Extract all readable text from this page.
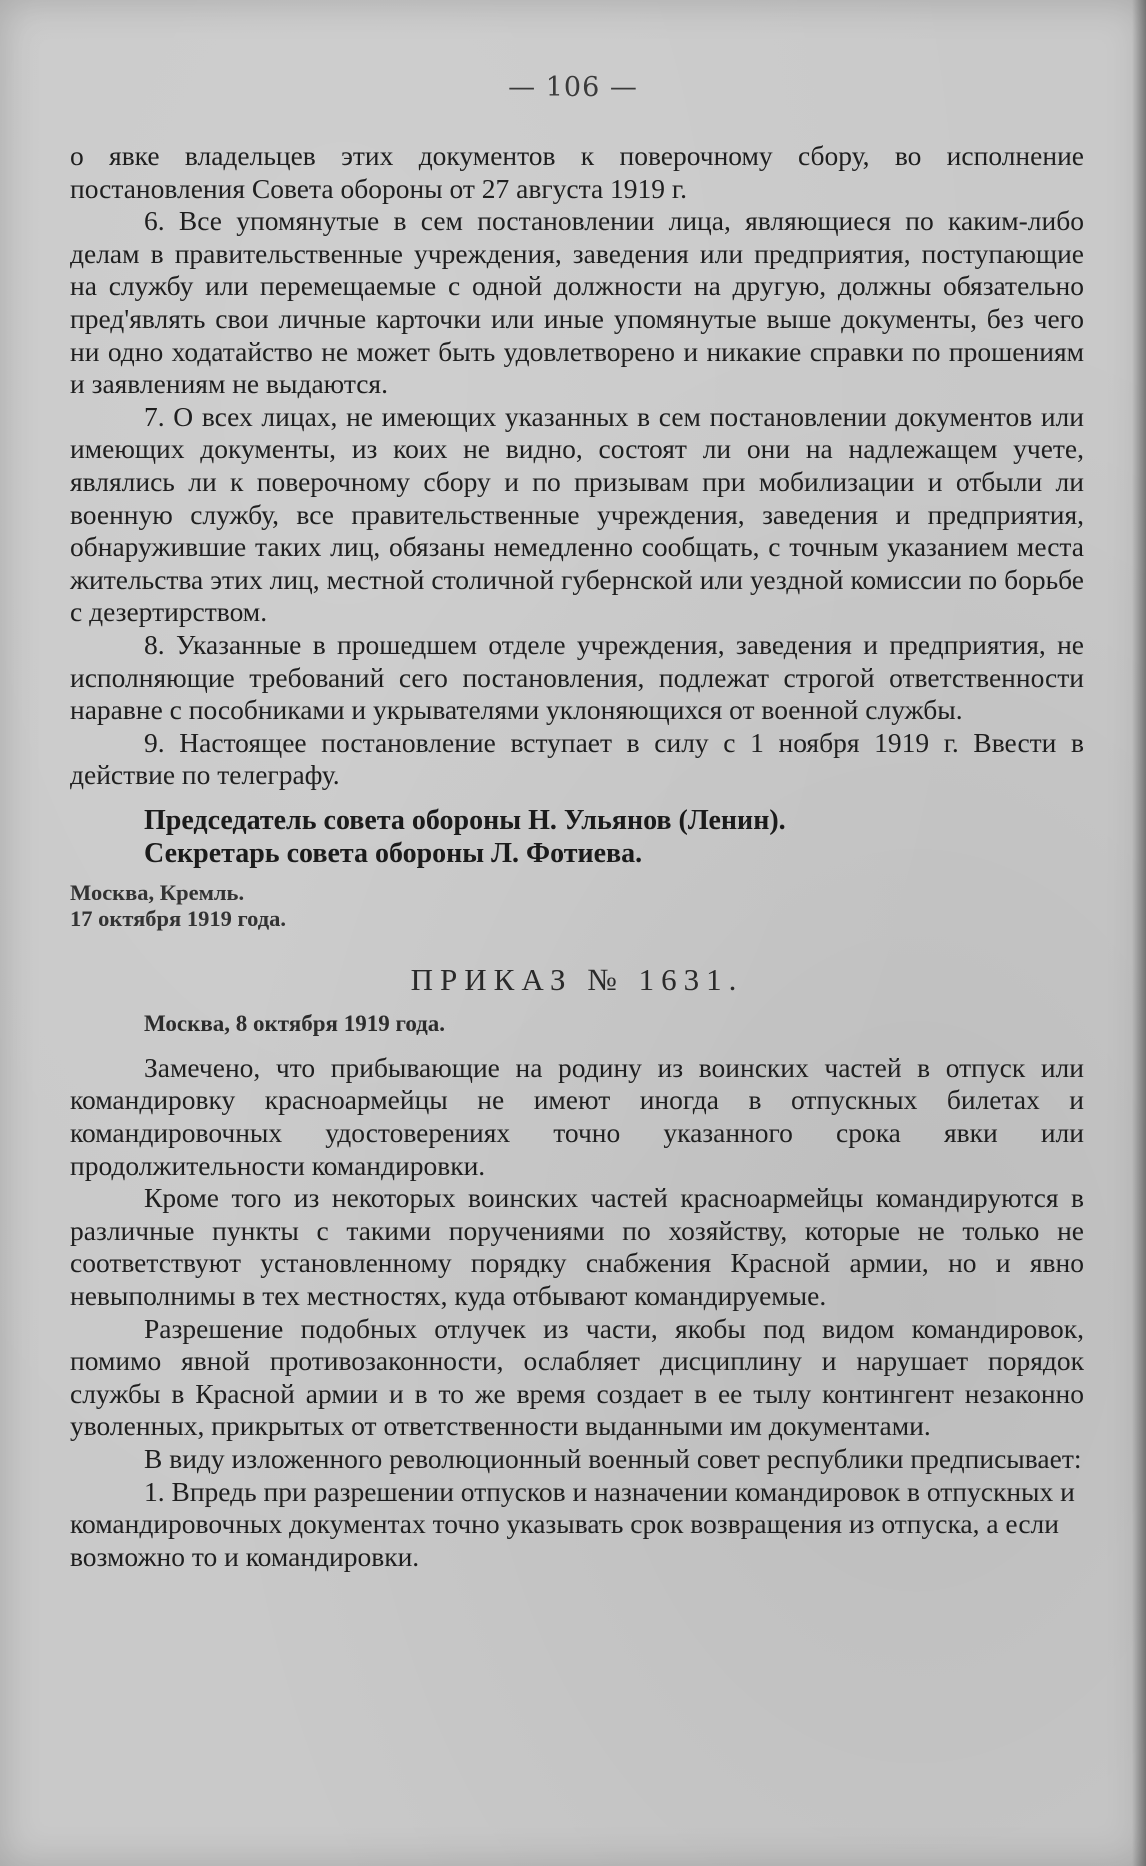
— 106 —

о явке владельцев этих документов к поверочному сбору, во исполнение постановления Совета обороны от 27 августа 1919 г.

6. Все упомянутые в сем постановлении лица, являющиеся по каким-либо делам в правительственные учреждения, заведения или предприятия, поступающие на службу или перемещаемые с одной должности на другую, должны обязательно пред'являть свои личные карточки или иные упомянутые выше документы, без чего ни одно ходатайство не может быть удовлетворено и никакие справки по прошениям и заявлениям не выдаются.

7. О всех лицах, не имеющих указанных в сем постановлении документов или имеющих документы, из коих не видно, состоят ли они на надлежащем учете, являлись ли к поверочному сбору и по призывам при мобилизации и отбыли ли военную службу, все правительственные учреждения, заведения и предприятия, обнаружившие таких лиц, обязаны немедленно сообщать, с точным указанием места жительства этих лиц, местной столичной губернской или уездной комиссии по борьбе с дезертирством.

8. Указанные в прошедшем отделе учреждения, заведения и предприятия, не исполняющие требований сего постановления, подлежат строгой ответственности наравне с пособниками и укрывателями уклоняющихся от военной службы.

9. Настоящее постановление вступает в силу с 1 ноября 1919 г. Ввести в действие по телеграфу.

Председатель совета обороны Н. Ульянов (Ленин).

Секретарь совета обороны Л. Фотиева.

Москва, Кремль.

17 октября 1919 года.

ПРИКАЗ № 1631.

Москва, 8 октября 1919 года.

Замечено, что прибывающие на родину из воинских частей в отпуск или командировку красноармейцы не имеют иногда в отпускных билетах и командировочных удостоверениях точно указанного срока явки или продолжительности командировки.

Кроме того из некоторых воинских частей красноармейцы командируются в различные пункты с такими поручениями по хозяйству, которые не только не соответствуют установленному порядку снабжения Красной армии, но и явно невыполнимы в тех местностях, куда отбывают командируемые.

Разрешение подобных отлучек из части, якобы под видом командировок, помимо явной противозаконности, ослабляет дисциплину и нарушает порядок службы в Красной армии и в то же время создает в ее тылу контингент незаконно уволенных, прикрытых от ответственности выданными им документами.

В виду изложенного революционный военный совет республики предписывает:

1. Впредь при разрешении отпусков и назначении командировок в отпускных и командировочных документах точно указывать срок возвращения из отпуска, а если возможно то и командировки.
